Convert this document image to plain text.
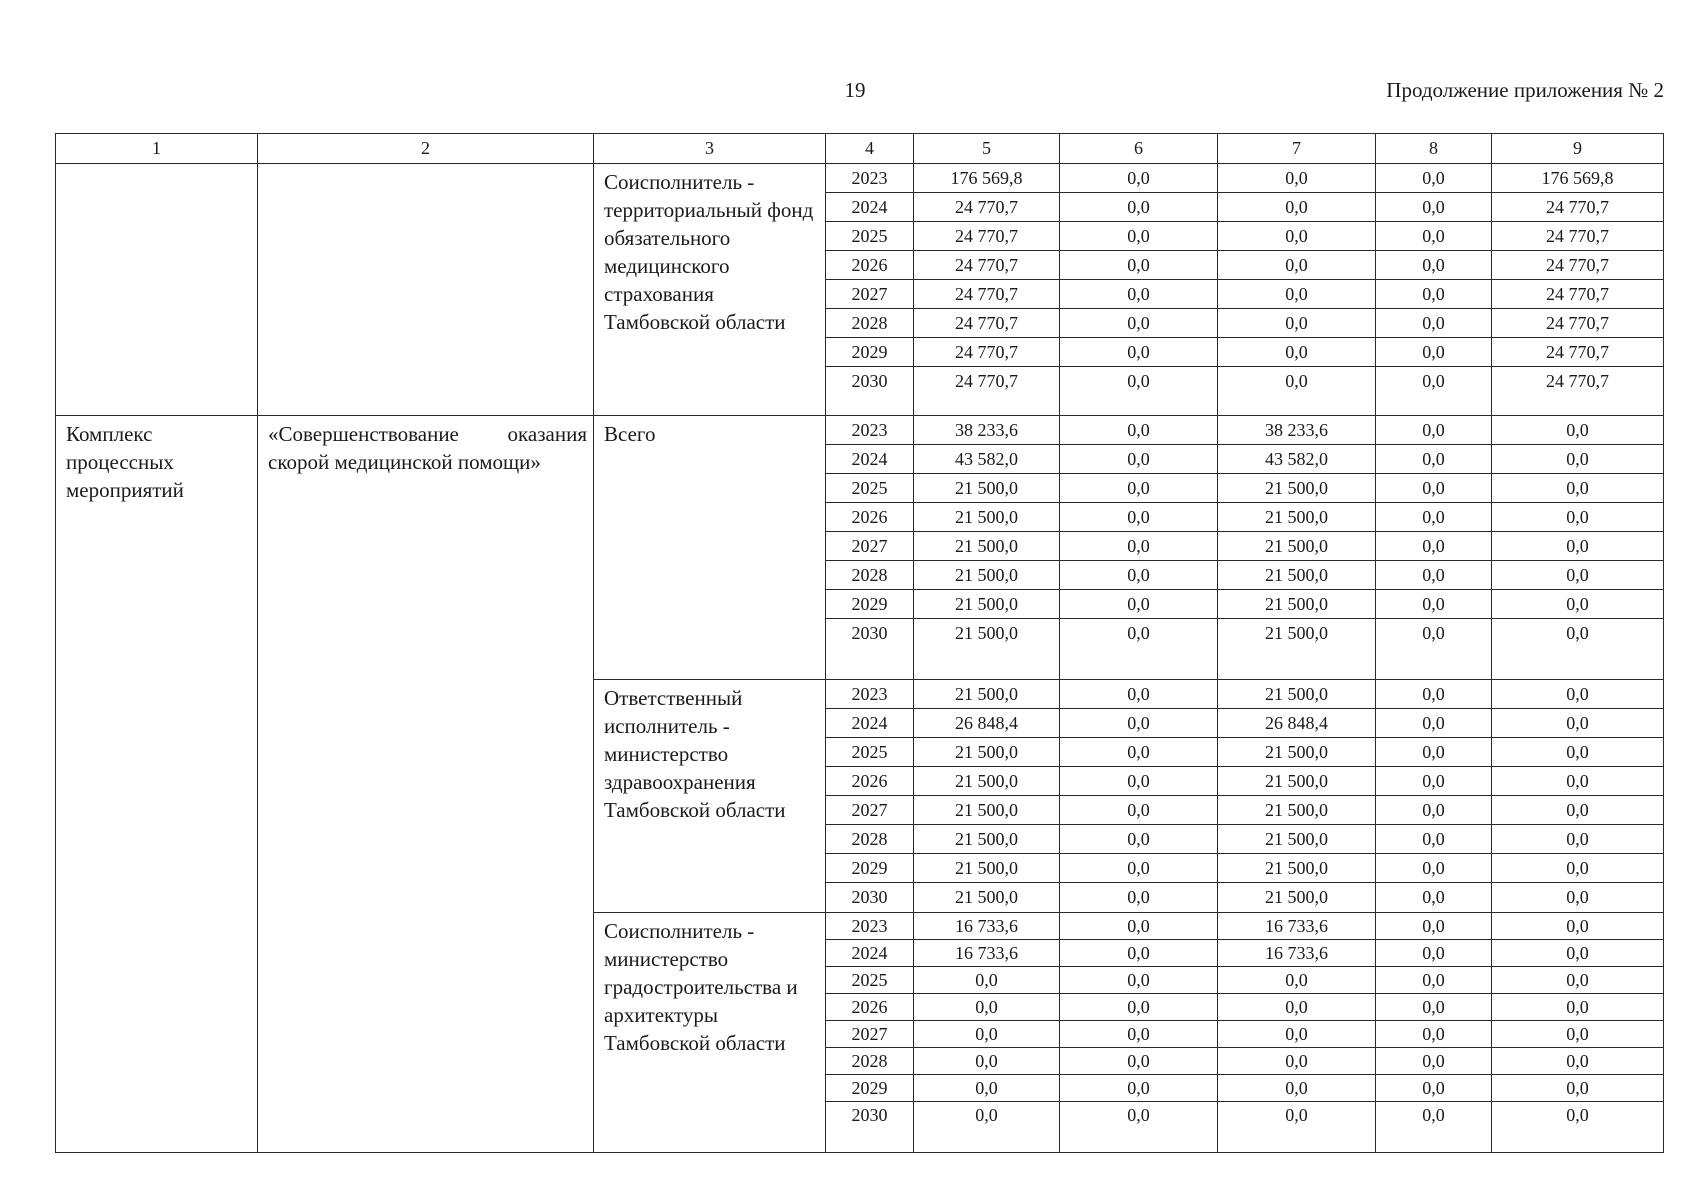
19	Продолжение приложения № 2
1	2	3	4	5	6	7	8	9
		Соисполнитель - территориальный фонд обязательного медицинского страхования Тамбовской области	2023	176 569,8	0,0	0,0	0,0	176 569,8
			2024	24 770,7	0,0	0,0	0,0	24 770,7
			2025	24 770,7	0,0	0,0	0,0	24 770,7
			2026	24 770,7	0,0	0,0	0,0	24 770,7
			2027	24 770,7	0,0	0,0	0,0	24 770,7
			2028	24 770,7	0,0	0,0	0,0	24 770,7
			2029	24 770,7	0,0	0,0	0,0	24 770,7
			2030	24 770,7	0,0	0,0	0,0	24 770,7

Комплекс процессных мероприятий	«Совершенствование оказания скорой медицинской помощи»	Всего	2023	38 233,6	0,0	38 233,6	0,0	0,0
			2024	43 582,0	0,0	43 582,0	0,0	0,0
			2025	21 500,0	0,0	21 500,0	0,0	0,0
			2026	21 500,0	0,0	21 500,0	0,0	0,0
			2027	21 500,0	0,0	21 500,0	0,0	0,0
			2028	21 500,0	0,0	21 500,0	0,0	0,0
			2029	21 500,0	0,0	21 500,0	0,0	0,0
			2030	21 500,0	0,0	21 500,0	0,0	0,0

		Ответственный исполнитель - министерство здравоохранения Тамбовской области	2023	21 500,0	0,0	21 500,0	0,0	0,0
			2024	26 848,4	0,0	26 848,4	0,0	0,0
			2025	21 500,0	0,0	21 500,0	0,0	0,0
			2026	21 500,0	0,0	21 500,0	0,0	0,0
			2027	21 500,0	0,0	21 500,0	0,0	0,0
			2028	21 500,0	0,0	21 500,0	0,0	0,0
			2029	21 500,0	0,0	21 500,0	0,0	0,0
			2030	21 500,0	0,0	21 500,0	0,0	0,0

		Соисполнитель - министерство градостроительства и архитектуры Тамбовской области	2023	16 733,6	0,0	16 733,6	0,0	0,0
			2024	16 733,6	0,0	16 733,6	0,0	0,0
			2025	0,0	0,0	0,0	0,0	0,0
			2026	0,0	0,0	0,0	0,0	0,0
			2027	0,0	0,0	0,0	0,0	0,0
			2028	0,0	0,0	0,0	0,0	0,0
			2029	0,0	0,0	0,0	0,0	0,0
			2030	0,0	0,0	0,0	0,0	0,0
